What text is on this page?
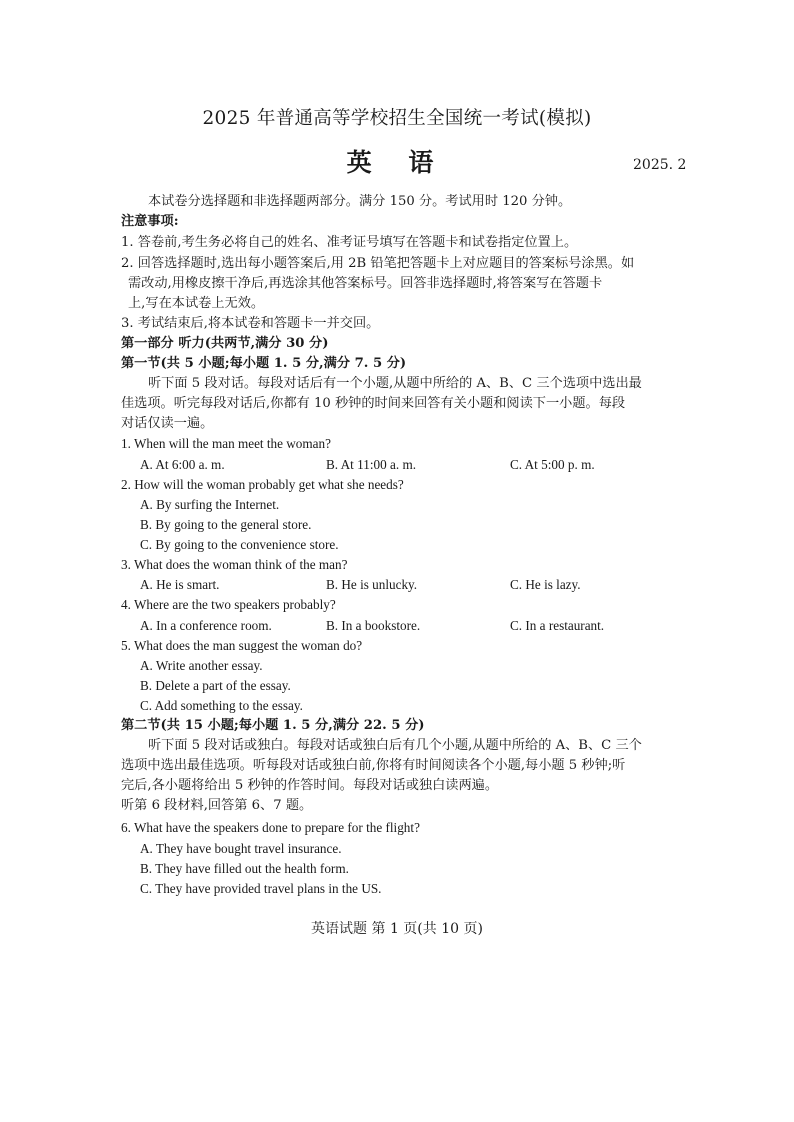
2025 年普通高等学校招生全国统一考试(模拟)
英 语	2025. 2
本试卷分选择题和非选择题两部分。满分 150 分。考试用时 120 分钟。
注意事项:
1. 答卷前,考生务必将自己的姓名、准考证号填写在答题卡和试卷指定位置上。
2. 回答选择题时,选出每小题答案后,用 2B 铅笔把答题卡上对应题目的答案标号涂黑。如
需改动,用橡皮擦干净后,再选涂其他答案标号。回答非选择题时,将答案写在答题卡
上,写在本试卷上无效。
3. 考试结束后,将本试卷和答题卡一并交回。
第一部分 听力(共两节,满分 30 分)
第一节(共 5 小题;每小题 1. 5 分,满分 7. 5 分)
听下面 5 段对话。每段对话后有一个小题,从题中所给的 A、B、C 三个选项中选出最
佳选项。听完每段对话后,你都有 10 秒钟的时间来回答有关小题和阅读下一小题。每段
对话仅读一遍。
1. When will the man meet the woman?
A. At 6:00 a. m.	B. At 11:00 a. m.	C. At 5:00 p. m.
2. How will the woman probably get what she needs?
A. By surfing the Internet.
B. By going to the general store.
C. By going to the convenience store.
3. What does the woman think of the man?
A. He is smart.	B. He is unlucky.	C. He is lazy.
4. Where are the two speakers probably?
A. In a conference room.	B. In a bookstore.	C. In a restaurant.
5. What does the man suggest the woman do?
A. Write another essay.
B. Delete a part of the essay.
C. Add something to the essay.
第二节(共 15 小题;每小题 1. 5 分,满分 22. 5 分)
听下面 5 段对话或独白。每段对话或独白后有几个小题,从题中所给的 A、B、C 三个
选项中选出最佳选项。听每段对话或独白前,你将有时间阅读各个小题,每小题 5 秒钟;听
完后,各小题将给出 5 秒钟的作答时间。每段对话或独白读两遍。
听第 6 段材料,回答第 6、7 题。
6. What have the speakers done to prepare for the flight?
A. They have bought travel insurance.
B. They have filled out the health form.
C. They have provided travel plans in the US.
英语试题 第 1 页(共 10 页)
